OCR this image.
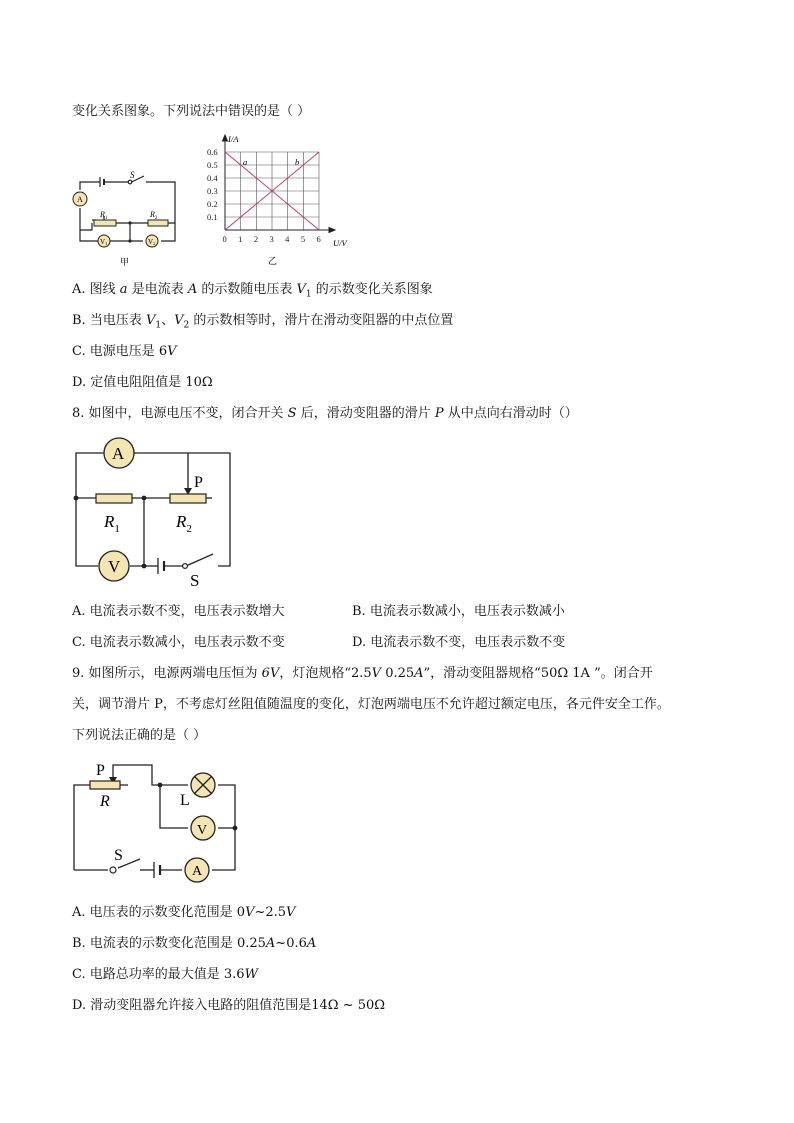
变化关系图象。下列说法中错误的是（ ）
S
A
$R_1$	$R_2$
V1	V2
甲
0.6
0.5
0.4
0.3
0.2
0.1
0 1 2 3 4 5 6
I/A
U/V
a	b
乙
A. 图线 a 是电流表 A 的示数随电压表 $V_1$ 的示数变化关系图象
B. 当电压表 $V_1$、$V_2$ 的示数相等时，滑片在滑动变阻器的中点位置
C. 电源电压是 6V
D. 定值电阻阻值是 10Ω
8. 如图中，电源电压不变，闭合开关 S 后，滑动变阻器的滑片 P 从中点向右滑动时（）
A
P
$R_1$	$R_2$
V
S
A. 电流表示数不变，电压表示数增大	B. 电流表示数减小，电压表示数减小
C. 电流表示数减小，电压表示数不变	D. 电流表示数不变，电压表示数不变
9. 如图所示，电源两端电压恒为 6V，灯泡规格“2.5V 0.25A”，滑动变阻器规格“50Ω 1A ”。闭合开
关，调节滑片 P，不考虑灯丝阻值随温度的变化，灯泡两端电压不允许超过额定电压，各元件安全工作。
下列说法正确的是（ ）
P
R	L
V
S
A
A. 电压表的示数变化范围是 0V~2.5V
B. 电流表的示数变化范围是 0.25A~0.6A
C. 电路总功率的最大值是 3.6W
D. 滑动变阻器允许接入电路的阻值范围是14Ω ~ 50Ω
